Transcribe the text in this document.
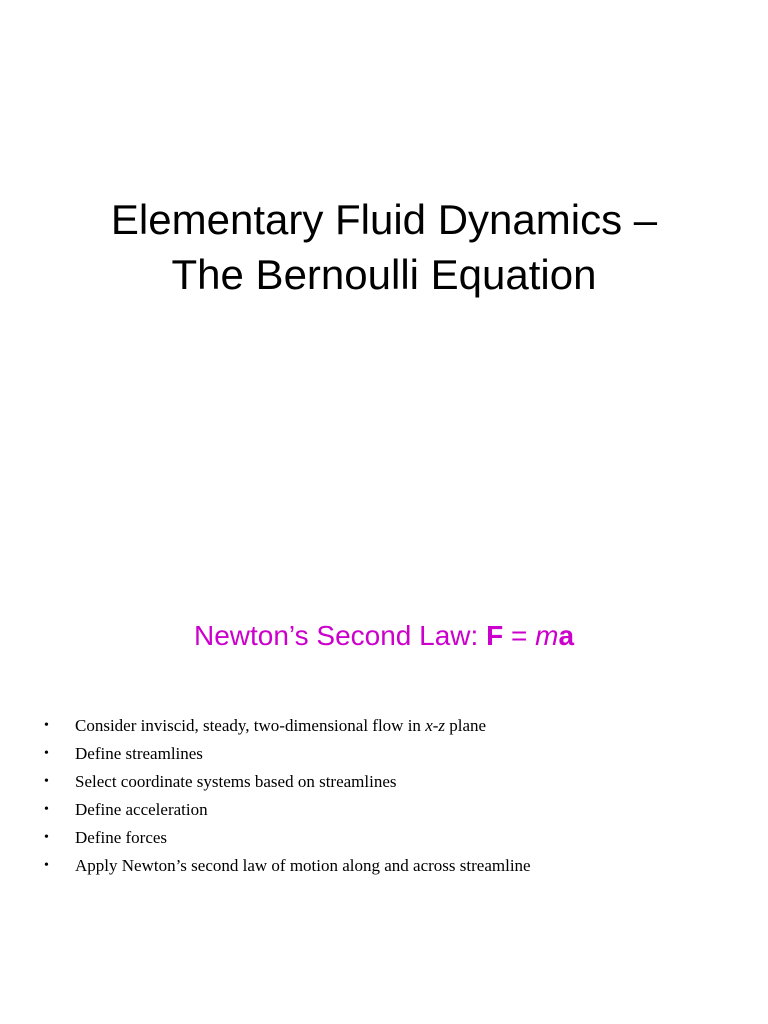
Elementary Fluid Dynamics –
The Bernoulli Equation
Newton’s Second Law: F = ma
• Consider inviscid, steady, two-dimensional flow in x-z plane
• Define streamlines
• Select coordinate systems based on streamlines
• Define acceleration
• Define forces
• Apply Newton’s second law of motion along and across streamline
